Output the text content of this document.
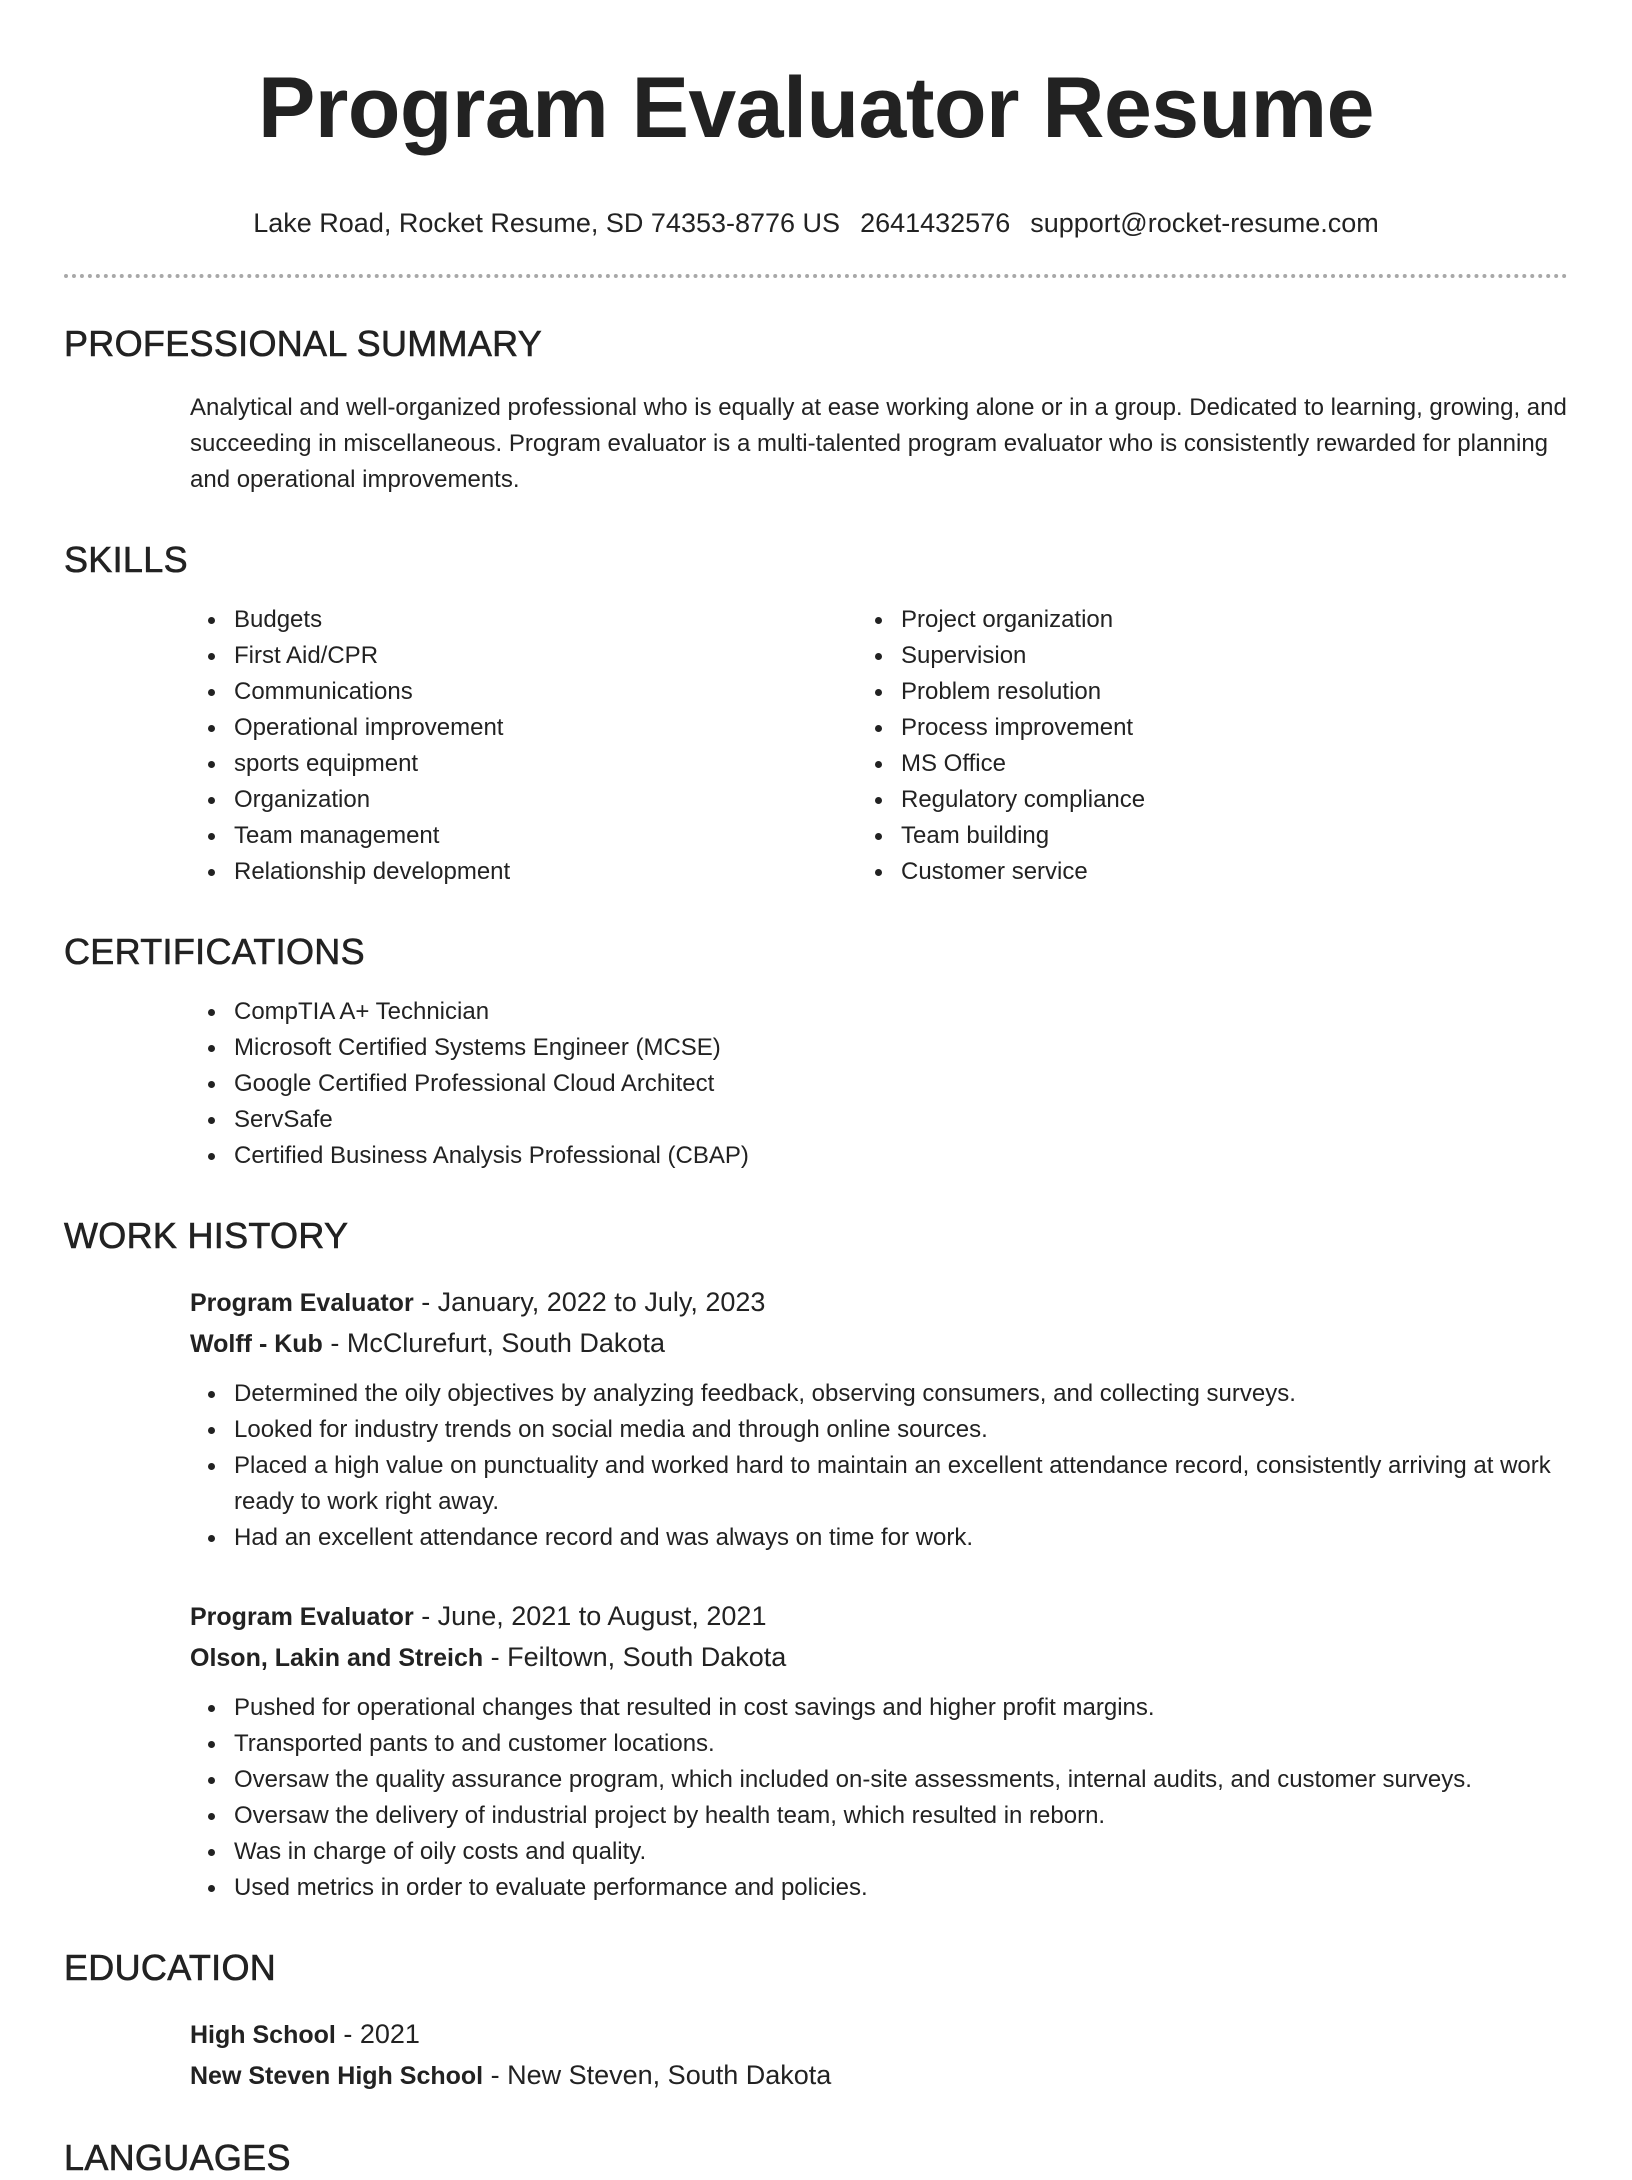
Program Evaluator Resume
Lake Road, Rocket Resume, SD 74353-8776 US 2641432576 support@rocket-resume.com
PROFESSIONAL SUMMARY

Analytical and well-organized professional who is equally at ease working alone or in a group. Dedicated to learning, growing, and succeeding in miscellaneous. Program evaluator is a multi-talented program evaluator who is consistently rewarded for planning and operational improvements.

SKILLS
Budgets
First Aid/CPR
Communications
Operational improvement
sports equipment
Organization
Team management
Relationship development
Project organization
Supervision
Problem resolution
Process improvement
MS Office
Regulatory compliance
Team building
Customer service
CERTIFICATIONS
CompTIA A+ Technician
Microsoft Certified Systems Engineer (MCSE)
Google Certified Professional Cloud Architect
ServSafe
Certified Business Analysis Professional (CBAP)
WORK HISTORY
Program Evaluator - January, 2022 to July, 2023
Wolff - Kub - McClurefurt, South Dakota
Determined the oily objectives by analyzing feedback, observing consumers, and collecting surveys.
Looked for industry trends on social media and through online sources.
Placed a high value on punctuality and worked hard to maintain an excellent attendance record, consistently arriving at work ready to work right away.
Had an excellent attendance record and was always on time for work.
Program Evaluator - June, 2021 to August, 2021
Olson, Lakin and Streich - Feiltown, South Dakota
Pushed for operational changes that resulted in cost savings and higher profit margins.
Transported pants to and customer locations.
Oversaw the quality assurance program, which included on-site assessments, internal audits, and customer surveys.
Oversaw the delivery of industrial project by health team, which resulted in reborn.
Was in charge of oily costs and quality.
Used metrics in order to evaluate performance and policies.
EDUCATION
High School - 2021
New Steven High School - New Steven, South Dakota
LANGUAGES
